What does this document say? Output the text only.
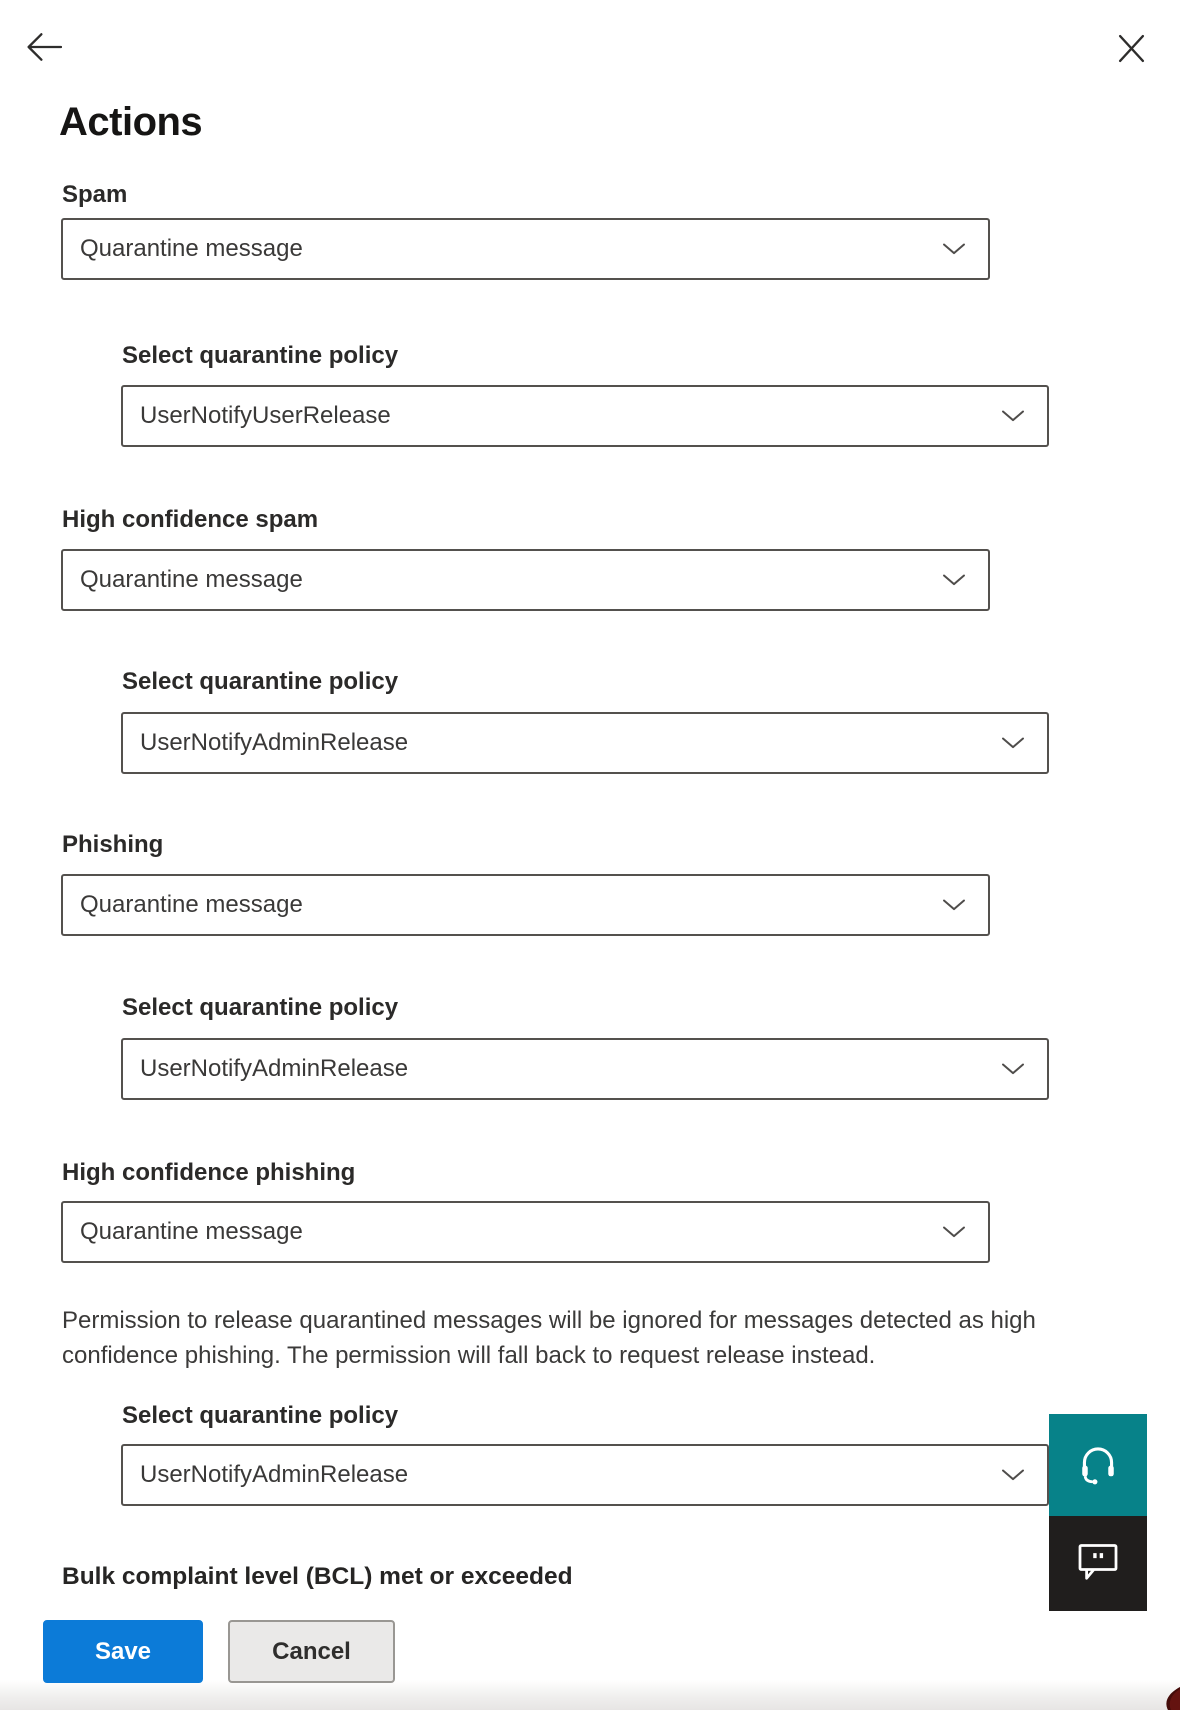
Actions
Spam
Quarantine message
Select quarantine policy
UserNotifyUserRelease
High confidence spam
Quarantine message
Select quarantine policy
UserNotifyAdminRelease
Phishing
Quarantine message
Select quarantine policy
UserNotifyAdminRelease
High confidence phishing
Quarantine message
Select quarantine policy
UserNotifyAdminRelease
Permission to release quarantined messages will be ignored for messages detected as high confidence phishing. The permission will fall back to request release instead.
Bulk complaint level (BCL) met or exceeded
Save	Cancel
